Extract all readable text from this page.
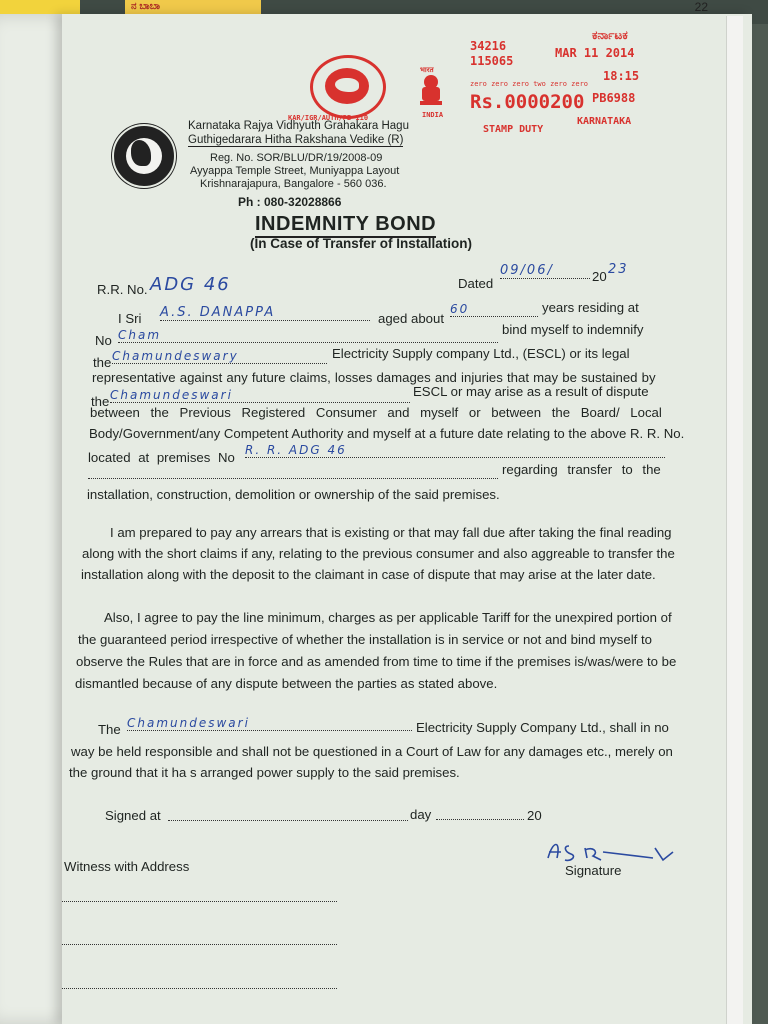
ನ ಬಾಬಾ	22
KAR/IGR/AUTH/PB-110
भारत
INDIA
34216
115065
MAR 11 2014
ಕರ್ನಾಟಕ
18:15
zero zero zero two zero zero
Rs.0000200 PB6988
STAMP DUTY
KARNATAKA
Karnataka Rajya Vidhyuth Grahakara Hagu
Guthigedarara Hitha Rakshana Vedike (R)
Reg. No. SOR/BLU/DR/19/2008-09
Ayyappa Temple Street, Muniyappa Layout
Krishnarajapura, Bangalore - 560 036.
Ph : 080-32028866
INDEMNITY BOND
(In Case of Transfer of Installation)
R.R. No. ADG 46	Dated
09/06/	20 23
I Sri A.S. DANAPPA	aged about
60	years residing at
No Cham	bind myself to indemnify
the Chamundeswary	Electricity Supply company Ltd., (ESCL) or its legal
representative against any future claims, losses damages and injuries that may be sustained by
the Chamundeswari	ESCL or may arise as a result of dispute
between the Previous Registered Consumer and myself or between the Board/ Local
Body/Government/any Competent Authority and myself at a future date relating to the above R. R. No.
located at premises No R. R. ADG 46
regarding transfer to the
installation, construction, demolition or ownership of the said premises.
I am prepared to pay any arrears that is existing or that may fall due after taking the final reading
along with the short claims if any, relating to the previous consumer and also aggreable to transfer the
installation along with the deposit to the claimant in case of dispute that may arise at the later date.
Also, I agree to pay the line minimum, charges as per applicable Tariff for the unexpired portion of
the guaranteed period irrespective of whether the installation is in service or not and bind myself to
observe the Rules that are in force and as amended from time to time if the premises is/was/were to be
dismantled because of any dispute between the parties as stated above.
The Chamundeswari	Electricity Supply Company Ltd., shall in no
way be held responsible and shall not be questioned in a Court of Law for any damages etc., merely on
the ground that it ha s arranged power supply to the said premises.
Signed at	day	20
AS
Signature
Witness with Address
